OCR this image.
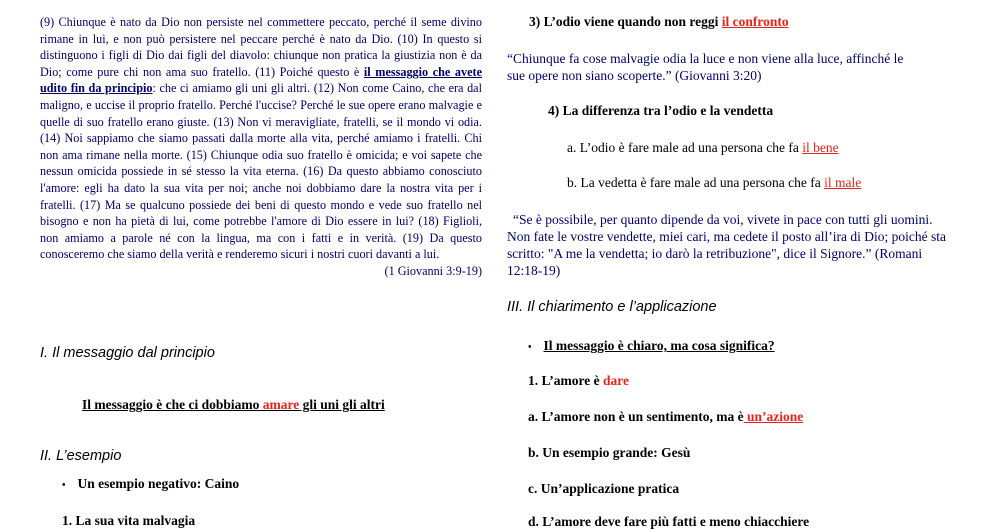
(9) Chiunque è nato da Dio non persiste nel commettere peccato, perché il seme divino rimane in lui, e non può persistere nel peccare perché è nato da Dio. (10) In questo si distinguono i figli di Dio dai figli del diavolo: chiunque non pratica la giustizia non è da Dio; come pure chi non ama suo fratello. (11) Poiché questo è il messaggio che avete udito fin da principio: che ci amiamo gli uni gli altri. (12) Non come Caino, che era dal maligno, e uccise il proprio fratello. Perché l'uccise? Perché le sue opere erano malvagie e quelle di suo fratello erano giuste. (13) Non vi meravigliate, fratelli, se il mondo vi odia. (14) Noi sappiamo che siamo passati dalla morte alla vita, perché amiamo i fratelli. Chi non ama rimane nella morte. (15) Chiunque odia suo fratello è omicida; e voi sapete che nessun omicida possiede in sé stesso la vita eterna. (16) Da questo abbiamo conosciuto l'amore: egli ha dato la sua vita per noi; anche noi dobbiamo dare la nostra vita per i fratelli. (17) Ma se qualcuno possiede dei beni di questo mondo e vede suo fratello nel bisogno e non ha pietà di lui, come potrebbe l'amore di Dio essere in lui? (18) Figlioli, non amiamo a parole né con la lingua, ma con i fatti e in verità. (19) Da questo conosceremo che siamo della verità e renderemo sicuri i nostri cuori davanti a lui.
(1 Giovanni 3:9-19)
I. Il messaggio dal principio
Il messaggio è che ci dobbiamo amare gli uni gli altri
II. L’esempio
• Un esempio negativo: Caino
1. La sua vita malvagia
3) L’odio viene quando non reggi il confronto
“Chiunque fa cose malvagie odia la luce e non viene alla luce, affinché le sue opere non siano scoperte.” (Giovanni 3:20)
4) La differenza tra l’odio e la vendetta
a. L’odio è fare male ad una persona che fa il bene
b. La vedetta è fare male ad una persona che fa il male
“Se è possibile, per quanto dipende da voi, vivete in pace con tutti gli uomini. Non fate le vostre vendette, miei cari, ma cedete il posto all’ira di Dio; poiché sta scritto: "A me la vendetta; io darò la retribuzione", dice il Signore.” (Romani 12:18-19)
III. Il chiarimento e l’applicazione
• Il messaggio è chiaro, ma cosa significa?
1. L’amore è dare
a. L’amore non è un sentimento, ma è un’azione
b. Un esempio grande: Gesù
c. Un’applicazione pratica
d. L’amore deve fare più fatti e meno chiacchiere
